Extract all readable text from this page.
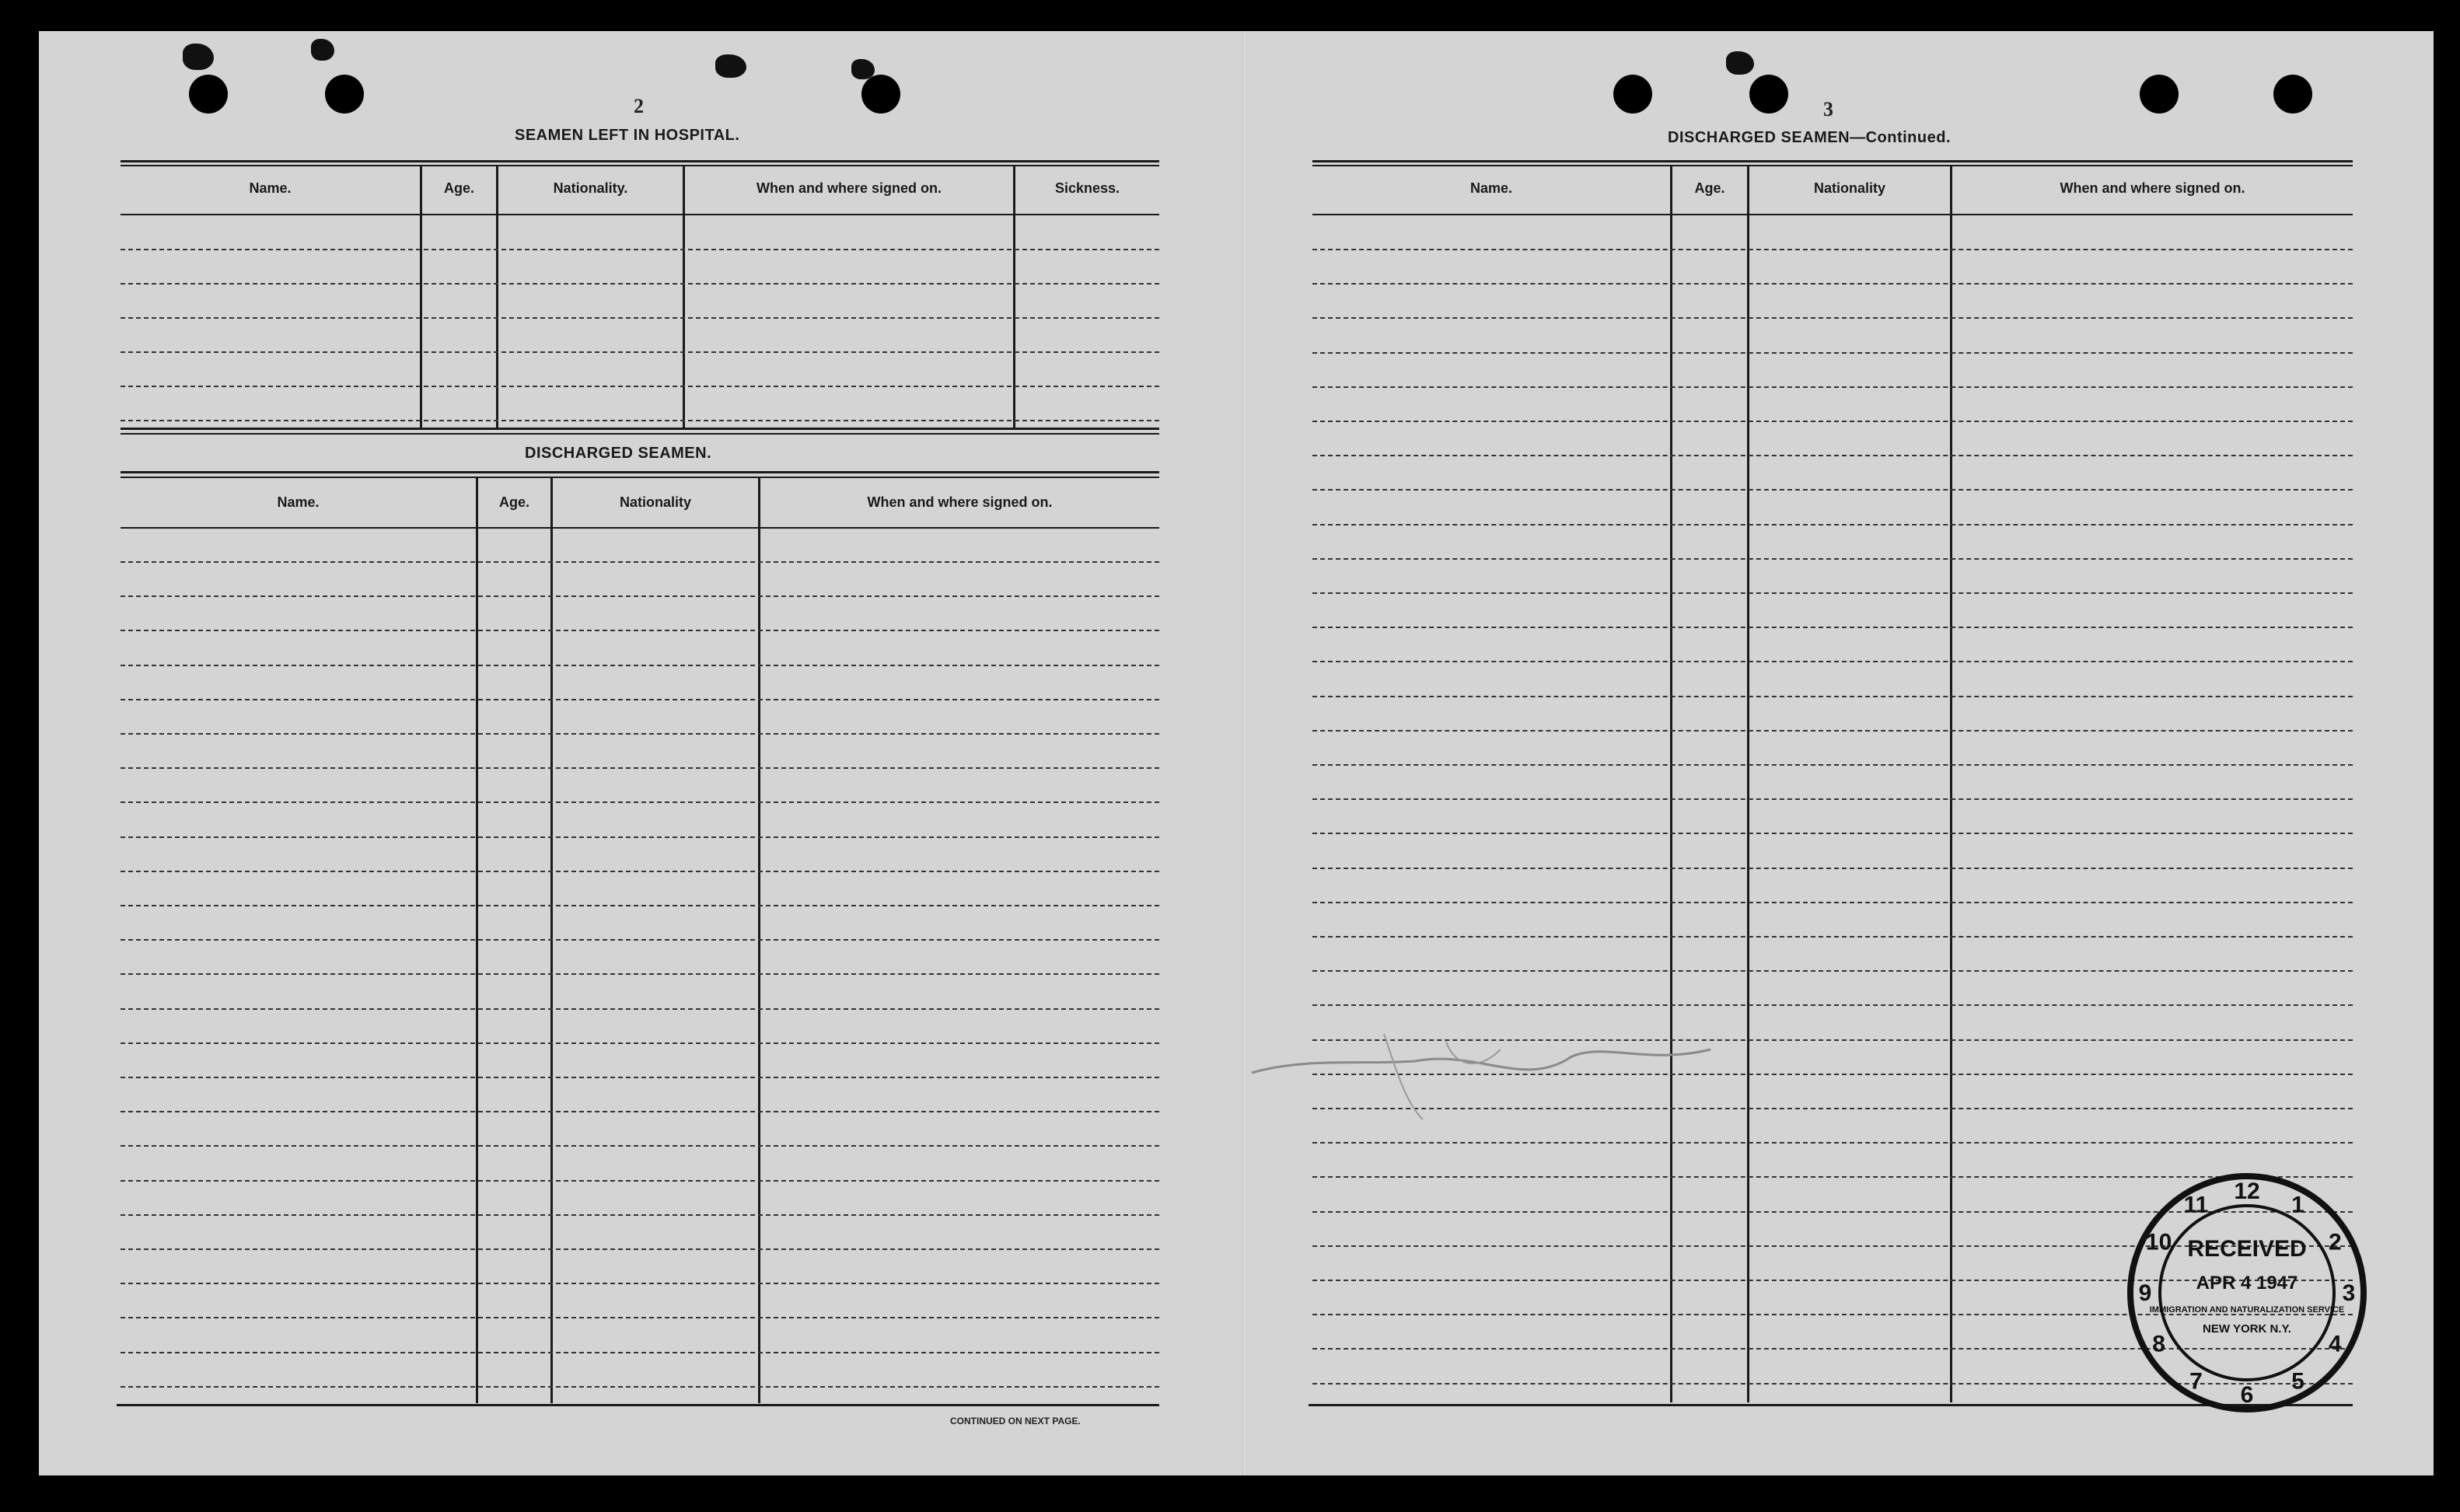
2
SEAMEN LEFT IN HOSPITAL.
Name.	Age.	Nationality.	When and where signed on.	Sickness.
DISCHARGED SEAMEN.
Name.	Age.	Nationality	When and where signed on.
CONTINUED ON NEXT PAGE.
3
DISCHARGED SEAMEN—Continued.
Name.	Age.	Nationality	When and where signed on.
12
1
2
3
4
5
6
7
8
9
10
11
RECEIVED
APR 4 1947
IMMIGRATION AND NATURALIZATION SERVICE
NEW YORK N.Y.
